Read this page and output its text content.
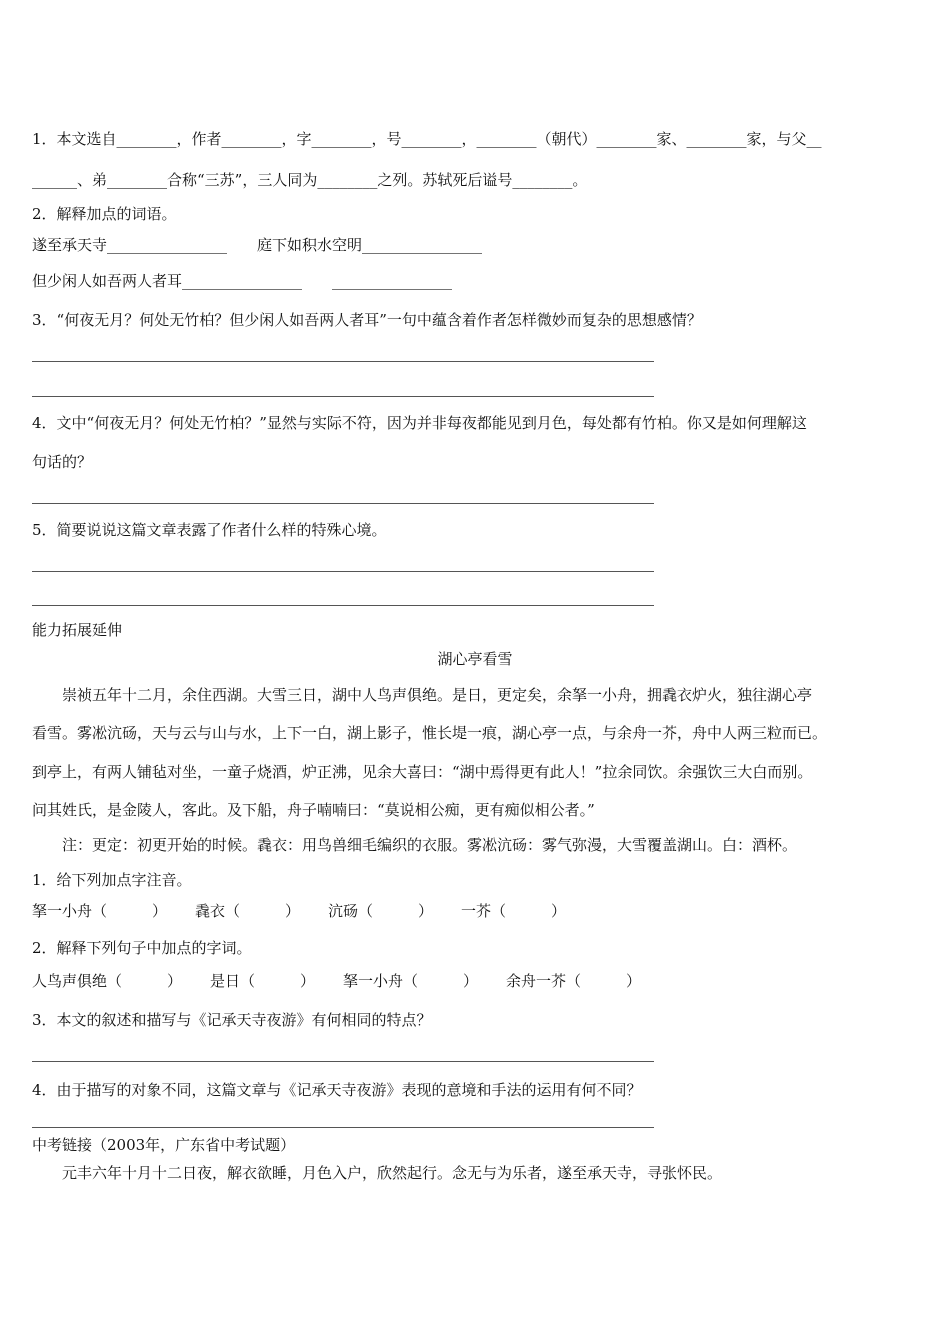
1．本文选自________，作者________，字________，号________，________（朝代）________家、________家，与父__
______、弟________合称“三苏”，三人同为________之列。苏轼死后谥号________。
2．解释加点的词语。
遂至承天寺________________ 庭下如积水空明________________
但少闲人如吾两人者耳________________ ________________
3．“何夜无月？何处无竹柏？但少闲人如吾两人者耳”一句中蕴含着作者怎样微妙而复杂的思想感情？
4．文中“何夜无月？何处无竹柏？”显然与实际不符，因为并非每夜都能见到月色，每处都有竹柏。你又是如何理解这
句话的？
5．简要说说这篇文章表露了作者什么样的特殊心境。
能力拓展延伸
湖心亭看雪
崇祯五年十二月，余住西湖。大雪三日，湖中人鸟声俱绝。是日，更定矣，余拏一小舟，拥毳衣炉火，独往湖心亭
看雪。雾凇沆砀，天与云与山与水，上下一白，湖上影子，惟长堤一痕，湖心亭一点，与余舟一芥，舟中人两三粒而已。
到亭上，有两人铺毡对坐，一童子烧酒，炉正沸，见余大喜曰：“湖中焉得更有此人！”拉余同饮。余强饮三大白而别。
问其姓氏，是金陵人，客此。及下船，舟子喃喃曰：“莫说相公痴，更有痴似相公者。”
注：更定：初更开始的时候。毳衣：用鸟兽细毛编织的衣服。雾凇沆砀：雾气弥漫，大雪覆盖湖山。白：酒杯。
1．给下列加点字注音。
拏一小舟（　　　） 毳衣（　　　） 沆砀（　　　） 一芥（　　　）
2．解释下列句子中加点的字词。
人鸟声俱绝（　　　） 是日（　　　） 拏一小舟（　　　） 余舟一芥（　　　）
3．本文的叙述和描写与《记承天寺夜游》有何相同的特点？
4．由于描写的对象不同，这篇文章与《记承天寺夜游》表现的意境和手法的运用有何不同？
中考链接（2003年，广东省中考试题）
元丰六年十月十二日夜，解衣欲睡，月色入户，欣然起行。念无与为乐者，遂至承天寺，寻张怀民。
